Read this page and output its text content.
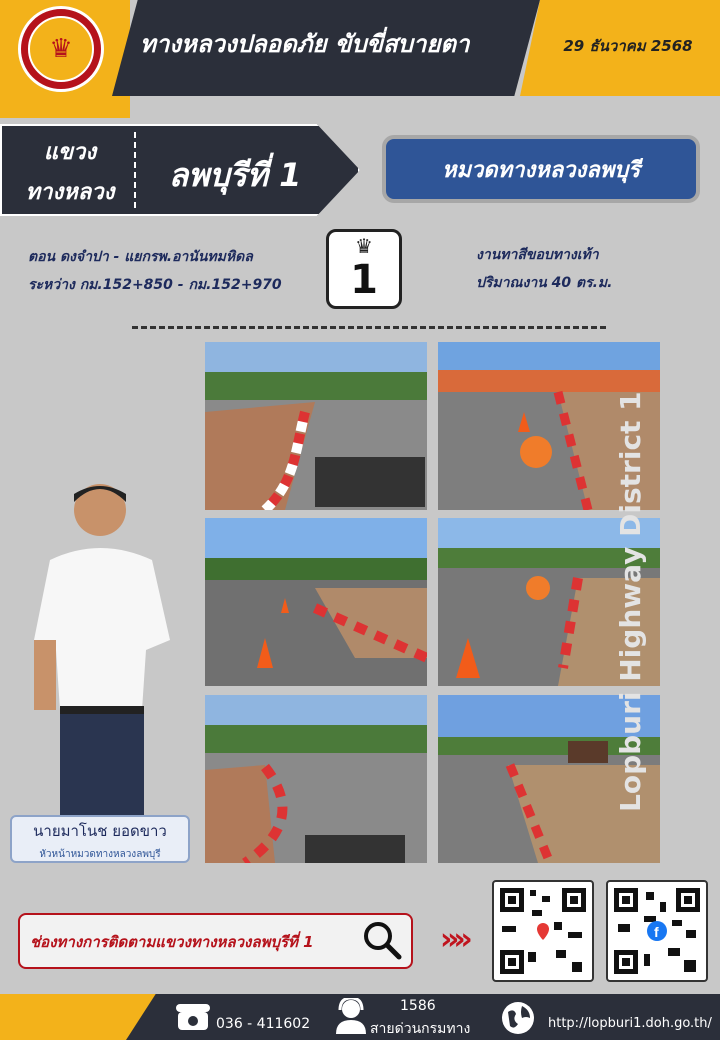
♛	ทางหลวงปลอดภัย ขับขี่สบายตา	29 ธันวาคม 2568
แขวง
ทางหลวง	ลพบุรีที่ 1	หมวดทางหลวงลพบุรี
ตอน ดงจำปา - แยกรพ.อานันทมหิดล
ระหว่าง กม.152+850 - กม.152+970
♛
1
งานทาสีขอบทางเท้า
ปริมาณงาน 40 ตร.ม.
Lopburi Highway District 1
นายมาโนช ยอดขาว
หัวหน้าหมวดทางหลวงลพบุรี
ช่องทางการติดตามแขวงทางหลวงลพบุรีที่ 1	»»	f
036 - 411602
1586
สายด่วนกรมทาง	http://lopburi1.doh.go.th/
